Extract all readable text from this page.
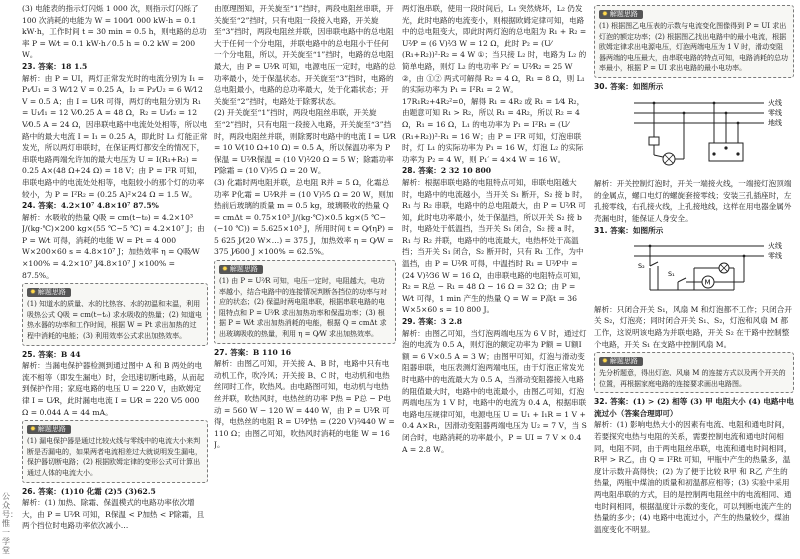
公众号：惟一学堂

(3) 电能表的指示灯闪烁 1 000 次，则指示灯闪烁了 100 次消耗的电能为 W = 100⁄1 000 kW·h = 0.1 kW·h，工作时间 t = 30 min = 0.5 h，则电路的总功率 P = W⁄t = 0.1 kW·h ⁄ 0.5 h = 0.2 kW = 200 W。

23. 答案：18 1.5

解析：由 P = UI，两灯正常发光时的电流分别为 I₁ = P₁⁄U₁ = 3 W⁄12 V = 0.25 A，I₂ = P₂⁄U₂ = 6 W⁄12 V = 0.5 A；由 I = U⁄R 可得，两灯的电阻分别为 R₁ = U₁⁄I₁ = 12 V⁄0.25 A = 48 Ω，R₂ = U₂⁄I₂ = 12 V⁄0.5 A = 24 Ω，因串联电路中电流处处相等，所以电路中的最大电流 I = I₁ = 0.25 A，即此时 L₁ 灯能正常发光，所以两灯串联时，在保证两灯都安全的情况下，串联电路两端允许加的最大电压为 U = I(R₁+R₂) = 0.25 A×(48 Ω+24 Ω) = 18 V；由 P = I²R 可知，串联电路中的电流处处相等，电阻较小的那个灯的功率较小，为 P = I²R₂ = (0.25 A)²×24 Ω = 1.5 W。

24. 答案：4.2×10⁷ 4.8×10⁷ 87.5%

解析：水吸收的热量 Q吸 = cm(t−t₀) = 4.2×10³ J/(kg·℃)×200 kg×(55 ℃−5 ℃) = 4.2×10⁷ J；由 P = W⁄t 可得，消耗的电能 W = Pt = 4 000 W×200×60 s = 4.8×10⁷ J；加热效率 η = Q吸⁄W ×100% = 4.2×10⁷ J⁄4.8×10⁷ J ×100% = 87.5%。

✹ 解题思路

(1) 知道水的质量、水的比热容、水的初温和末温，利用吸热公式 Q吸 = cm(t−t₀) 求水吸收的热量；(2) 知道电热水器的功率和工作时间，根据 W = Pt 求出加热的过程中消耗的电能；(3) 利用效率公式求出加热效率。

25. 答案：B 44

解析：当漏电保护器检测到通过图中 A 和 B 两处的电流不相等（即发生漏电）时，会迅速切断电路，从而起到保护作用；家庭电路的电压 U = 220 V，由欧姆定律 I = U⁄R，此时漏电电流 I = U⁄R = 220 V⁄5 000 Ω = 0.044 A = 44 mA。

✹ 解题思路

(1) 漏电保护器是通过比较火线与零线中的电流大小来判断是否漏电的，如果两者电流相差过大就说明发生漏电，保护器切断电路；(2) 根据欧姆定律的变形公式可计算出通过人体的电流大小。

26. 答案：(1)10 化霜 (2)5 (3)62.5

解析：(1) 加热、除霜、保温模式的电路功率依次增大，由 P = U²⁄R 可知，R保温 < P加热 < P除霜，且两个挡位时电路功率依次减小…

由原理图知，开关旋至“1”挡时，两段电阻丝串联，开关旋至“2”挡时，只有电阻一段接入电路，开关旋至“3”挡时，两段电阻丝并联，因串联电路中的总电阻大于任何一个分电阻，并联电路中的总电阻小于任何一个分电阻，所以，开关旋至“1”挡时，电路的总电阻最大，由 P = U²⁄R 可知，电源电压一定时，电路的总功率最小，处于保温状态。开关旋至“3”挡时，电路的总电阻最小，电路的总功率最大，处于化霜状态；开关旋至“2”挡时，电路处于除雾状态。

(2) 开关旋至“1”挡时，两段电阻丝串联，开关旋至“2”挡时，只有电阻一段接入电路，开关旋至“3”挡时，两段电阻丝并联，则除雾时电路中的电流 I = U⁄R = 10 V⁄(10 Ω+10 Ω) = 0.5 A，所以保温功率为 P保温 = U²⁄R保温 = (10 V)²⁄20 Ω = 5 W；除霜功率 P除霜 = (10 V)²⁄5 Ω = 20 W。

(3) 化霜时两电阻并联，总电阻 R并 = 5 Ω，化霜总功率 P化霜 = U²⁄R并 = (10 V)²⁄5 Ω = 20 W，则加热前后玻璃的质量 m = 0.5 kg，玻璃吸收的热量 Q = cmΔt = 0.75×10³ J/(kg·℃)×0.5 kg×(5 ℃−(−10 ℃)) = 5.625×10³ J，所用时间 t = Q⁄(ηP) = 5 625 J⁄(20 W×…) = 375 J，加热效率 η = Q⁄W = 375 J⁄600 J ×100% = 62.5%。

✹ 解题思路

(1) 由 P = U²⁄R 可知，电压一定时，电阻越大，电功率越小，结合电路中的连接情况判断各挡位的功率与对应的状态；(2) 保温时两电阻串联，根据串联电路的电阻特点和 P = U²⁄R 求出加热功率和保温功率；(3) 根据 P = W⁄t 求出加热消耗的电能，根据 Q = cmΔt 求出玻璃吸收的热量，利用 η = Q⁄W 求出加热效率。

27. 答案：B 110 16

解析：由图乙可知，开关接 A、B 时，电路中只有电动机工作，吹冷风；开关接 B、C 时，电动机和电热丝同时工作，吹热风。由电路图可知，电动机与电热丝并联，吹热风时，电热丝的功率 P热 = P总 − P电动 = 560 W − 120 W = 440 W，由 P = U²⁄R 可得，电热丝的电阻 R = U²⁄P热 = (220 V)²⁄440 W = 110 Ω；由图乙可知，吹热风时消耗的电能 W = 16 J。

两灯泡串联，使用一段时间后，L₁ 突然烧坏，L₂ 仍发光，此时电路的电流变小，则根据欧姆定律可知，电路中的总电阻变大，即此时两灯泡的总电阻为 R₁ + R₂ = U²⁄P = (6 V)²⁄3 W = 12 Ω，此时 P₂ = (U⁄(R₁+R₂))²·R₂ = 4 W ①；当只接 L₂ 时，电路为 L₂ 的简单电路，则灯 L₂ 的电功率 P₂′ = U²⁄R₂ = 25 W ②，由 ①② 两式可解得 R₂ = 4 Ω，R₁ = 8 Ω，则 L₁ 的实际功率为 P₁ = I²R₁ = 2 W。

17R₁R₂+4R₂²=0，解得 R₁ = 4R₂ 或 R₁ = 1⁄4 R₂，由题意可知 R₁ > R₂，所以 R₁ = 4R₂，所以 R₂ = 4 Ω，R₁ = 16 Ω，L₁ 的电功率为 P₁ = I²R₁ = (U⁄(R₁+R₂))²·R₁ = 16 W；由 P = I²R 可知，灯泡串联时，灯 L₁ 的实际功率为 P₁ = 16 W，灯泡 L₂ 的实际功率为 P₂ = 4 W，则 P₁′ = 4×4 W = 16 W。

28. 答案：2 32 10 800

解析：根据串联电路的电阻特点可知，串联电阻越大时，电路中的电流越小，当开关 S₁ 断开，S₂ 接 b 时，R₁ 与 R₂ 串联，电路中的总电阻最大，由 P = U²⁄R 可知，此时电功率最小，处于保温挡，所以开关 S₂ 接 b 时，电路处于低温挡，当开关 S₁ 闭合，S₂ 接 a 时，R₁ 与 R₂ 并联，电路中的电流最大，电热杯处于高温挡；当开关 S₁ 闭合，S₂ 断开时，只有 R₁ 工作，为中温挡，由 P = U²⁄R 可得，中温挡时 R₁ = U²⁄P中 = (24 V)²⁄36 W = 16 Ω，由串联电路的电阻特点可知，R₂ = R总 − R₁ = 48 Ω − 16 Ω = 32 Ω；由 P = W⁄t 可得，1 min 产生的热量 Q = W = P高t = 36 W×5×60 s = 10 800 J。

29. 答案：3 2.8

解析：由图乙可知，当灯泡两端电压为 6 V 时，通过灯泡的电流为 0.5 A，则灯泡的额定功率为 P额 = U额I额 = 6 V×0.5 A = 3 W；由图甲可知，灯泡与滑动变阻器串联，电压表测灯泡两端电压，由于灯泡正常发光时电路中的电流最大为 0.5 A，当滑动变阻器接入电路的阻值最大时，电路中的电流最小，由图乙可知，灯泡两端电压为 1 V 时，电路中的电流为 0.4 A，根据串联电路电压规律可知，电源电压 U = U₁ + I₁R = 1 V + 0.4 A×R₁，因滑动变阻器两端电压为 U₂ = 7 V，当 S 闭合时，电路消耗的功率最小，P = UI = 7 V × 0.4 A = 2.8 W。

✹ 解题思路

(1) 根据图乙电压表的示数与电流变化图像得到 P = UI 求出灯泡的额定功率；(2) 根据图乙找出电路中的最小电流，根据欧姆定律求出电源电压，灯泡两端电压为 1 V 时，滑动变阻器两端的电压最大，由串联电路的特点可知，电路消耗的总功率最小，根据 P = UI 求出电路的最小电功率。

30. 答案：如图所示

火线
零线
地线

解析：开关控制灯泡时，开关一端接火线，一端接灯泡顶端的金属点，螺口电灯的螺旋套接零线；安装三孔插座时，左孔接零线，右孔接火线，上孔接地线，这样在用电器金属外壳漏电时，能保证人身安全。

31. 答案：如图所示

火线
零线
S₂
S₁
M

解析：只闭合开关 S₁，风扇 M 和灯泡都不工作；只闭合开关 S₂，灯泡亮；同时闭合开关 S₁、S₂，灯泡和风扇 M 都工作，这说明该电路为并联电路，开关 S₂ 在干路中控制整个电路，开关 S₁ 在支路中控制风扇 M。

✹ 解题思路

先分析题意，得出灯泡、风扇 M 的连接方式以及两个开关的位置，再根据家庭电路的连接要求画出电路图。

32. 答案：(1) > (2) 相等 (3) 甲 电阻大小 (4) 电路中电流过小（答案合理即可）

解析：(1) 影响电热大小的因素有电流、电阻和通电时间，若要探究电热与电阻的关系，需要控制电流和通电时间相同，电阻不同，由于两电阻丝串联，电流和通电时间相同，R甲 > R乙，由 Q = I²Rt 可知，甲瓶中产生的热量多，温度计示数升高得快；(2) 为了便于比较 R甲 和 R乙 产生的热量，两瓶中煤油的质量和初温都应相等；(3) 实验中采用两电阻串联的方式，目的是控制两电阻丝中的电流相同、通电时间相同，根据温度计示数的变化，可以判断电流产生的热量的多少；(4) 电路中电流过小，产生的热量较少，煤油温度变化不明显。
